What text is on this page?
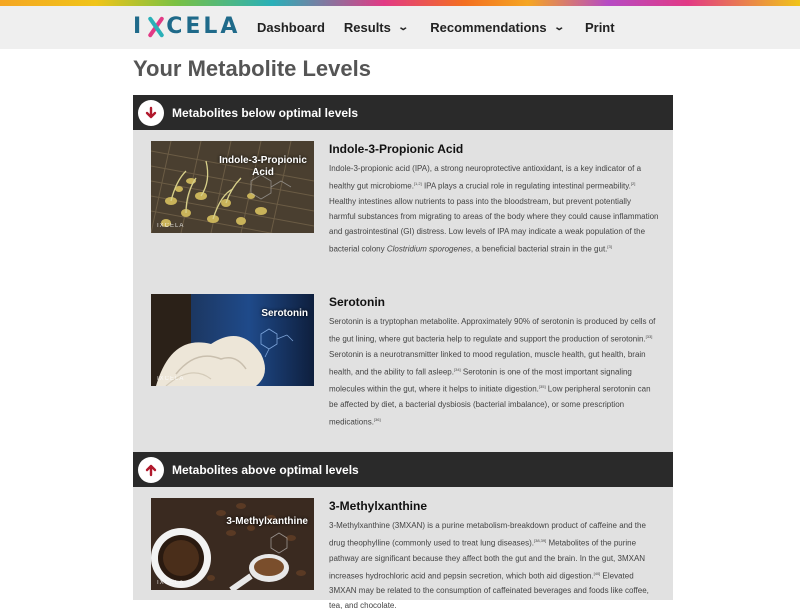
I CELA Dashboard Results ⌄ Recommendations ⌄ Print
Your Metabolite Levels
Metabolites below optimal levels
Indole-3-Propionic Acid
IXCELA
Indole-3-Propionic Acid
Indole-3-propionic acid (IPA), a strong neuroprotective antioxidant, is a key indicator of a healthy gut microbiome.[1,2] IPA plays a crucial role in regulating intestinal permeability.[2] Healthy intestines allow nutrients to pass into the bloodstream, but prevent potentially harmful substances from migrating to areas of the body where they could cause inflammation and gastrointestinal (GI) distress. Low levels of IPA may indicate a weak population of the bacterial colony Clostridium sporogenes, a beneficial bacterial strain in the gut.[3]
Serotonin
IXCELA
Serotonin
Serotonin is a tryptophan metabolite. Approximately 90% of serotonin is produced by cells of the gut lining, where gut bacteria help to regulate and support the production of serotonin.[33] Serotonin is a neurotransmitter linked to mood regulation, muscle health, gut health, brain health, and the ability to fall asleep.[34] Serotonin is one of the most important signaling molecules within the gut, where it helps to initiate digestion.[35] Low peripheral serotonin can be affected by diet, a bacterial dysbiosis (bacterial imbalance), or some prescription medications.[36]
Metabolites above optimal levels
3-Methylxanthine
IXCELA
3-Methylxanthine
3-Methylxanthine (3MXAN) is a purine metabolism-breakdown product of caffeine and the drug theophylline (commonly used to treat lung diseases).[38,39] Metabolites of the purine pathway are significant because they affect both the gut and the brain. In the gut, 3MXAN increases hydrochloric acid and pepsin secretion, which both aid digestion.[40] Elevated 3MXAN may be related to the consumption of caffeinated beverages and foods like coffee, tea, and chocolate.
